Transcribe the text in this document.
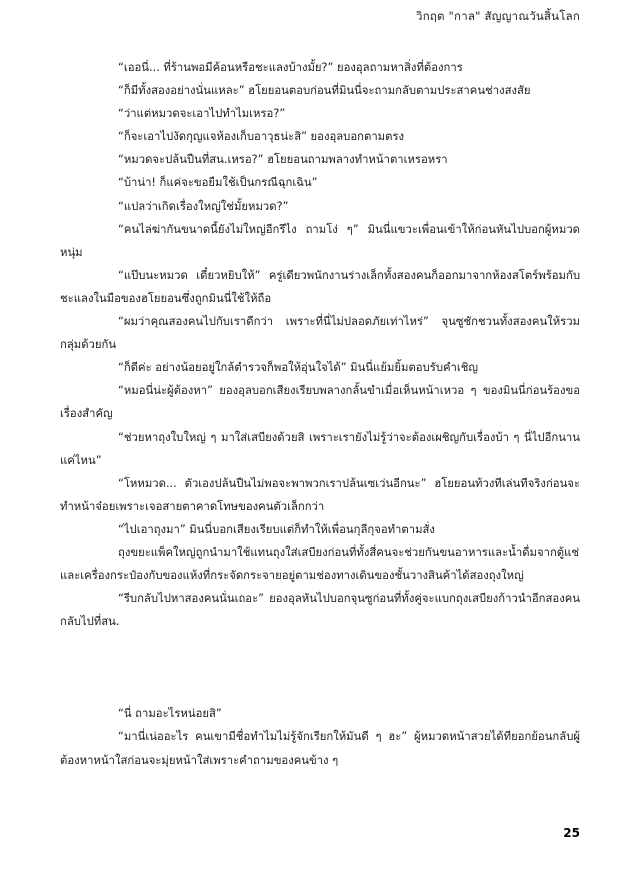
วิกฤต "กาล" สัญญาณวันสิ้นโลก

“เออนี่... ที่ร้านพอมีค้อนหรือชะแลงบ้างมั้ย?” ยองอุลถามหาสิ่งที่ต้องการ

“ก็มีทั้งสองอย่างนั่นแหละ” ฮโยยอนตอบก่อนที่มินนี่จะถามกลับตามประสาคนช่างสงสัย

“ว่าแต่หมวดจะเอาไปทำไมเหรอ?”

“ก็จะเอาไปงัดกุญแจห้องเก็บอาวุธน่ะสิ” ยองอุลบอกตามตรง

“หมวดจะปล้นปืนที่สน.เหรอ?” ฮโยยอนถามพลางทำหน้าตาเหรอหรา

“บ้าน่า! ก็แค่จะขอยืมใช้เป็นกรณีฉุกเฉิน”

“แปลว่าเกิดเรื่องใหญ่ใช่มั้ยหมวด?”

“คนไล่ฆ่ากันขนาดนี้ยังไม่ใหญ่อีกรึไง ถามโง่ ๆ” มินนี่แขวะเพื่อนเข้าให้ก่อนหันไปบอกผู้หมวดหนุ่ม

“แป๊บนะหมวด เดี๋ยวหยิบให้” ครู่เดียวพนักงานร่างเล็กทั้งสองคนก็ออกมาจากห้องสโตร์พร้อมกับชะแลงในมือของฮโยยอนซึ่งถูกมินนี่ใช้ให้ถือ

“ผมว่าคุณสองคนไปกับเราดีกว่า เพราะที่นี่ไม่ปลอดภัยเท่าไหร่” จุนซูชักชวนทั้งสองคนให้รวมกลุ่มด้วยกัน

“ก็ดีค่ะ อย่างน้อยอยู่ใกล้ตำรวจก็พอให้อุ่นใจได้” มินนี่แย้มยิ้มตอบรับคำเชิญ

“หมอนี่น่ะผู้ต้องหา” ยองอุลบอกเสียงเรียบพลางกลั้นขำเมื่อเห็นหน้าเหวอ ๆ ของมินนี่ก่อนร้องขอเรื่องสำคัญ

“ช่วยหาถุงใบใหญ่ ๆ มาใส่เสบียงด้วยสิ เพราะเรายังไม่รู้ว่าจะต้องเผชิญกับเรื่องบ้า ๆ นี่ไปอีกนานแค่ไหน”

“โหหมวด... ตัวเองปล้นปืนไม่พอจะพาพวกเราปล้นเซเว่นอีกนะ” ฮโยยอนท้วงทีเล่นทีจริงก่อนจะทำหน้าจ๋อยเพราะเจอสายตาคาดโทษของคนตัวเล็กกว่า

“ไปเอาถุงมา” มินนี่บอกเสียงเรียบแต่ก็ทำให้เพื่อนกุลีกุจอทำตามสั่ง

ถุงขยะแพ็คใหญ่ถูกนำมาใช้แทนถุงใส่เสบียงก่อนที่ทั้งสี่คนจะช่วยกันขนอาหารและน้ำดื่มจากตู้แช่และเครื่องกระป๋องกับของแห้งที่กระจัดกระจายอยู่ตามช่องทางเดินของชั้นวางสินค้าได้สองถุงใหญ่

“รีบกลับไปหาสองคนนั่นเถอะ” ยองอุลหันไปบอกจุนซูก่อนที่ทั้งคู่จะแบกถุงเสบียงก้าวนำอีกสองคนกลับไปที่สน.

“นี่ ถามอะไรหน่อยสิ”

“มานี่เน่ออะไร คนเขามีชื่อทำไมไม่รู้จักเรียกให้มันดี ๆ ฮะ” ผู้หมวดหน้าสวยได้ทียอกย้อนกลับผู้ต้องหาหน้าใสก่อนจะมุ่ยหน้าใส่เพราะคำถามของคนข้าง ๆ

25
